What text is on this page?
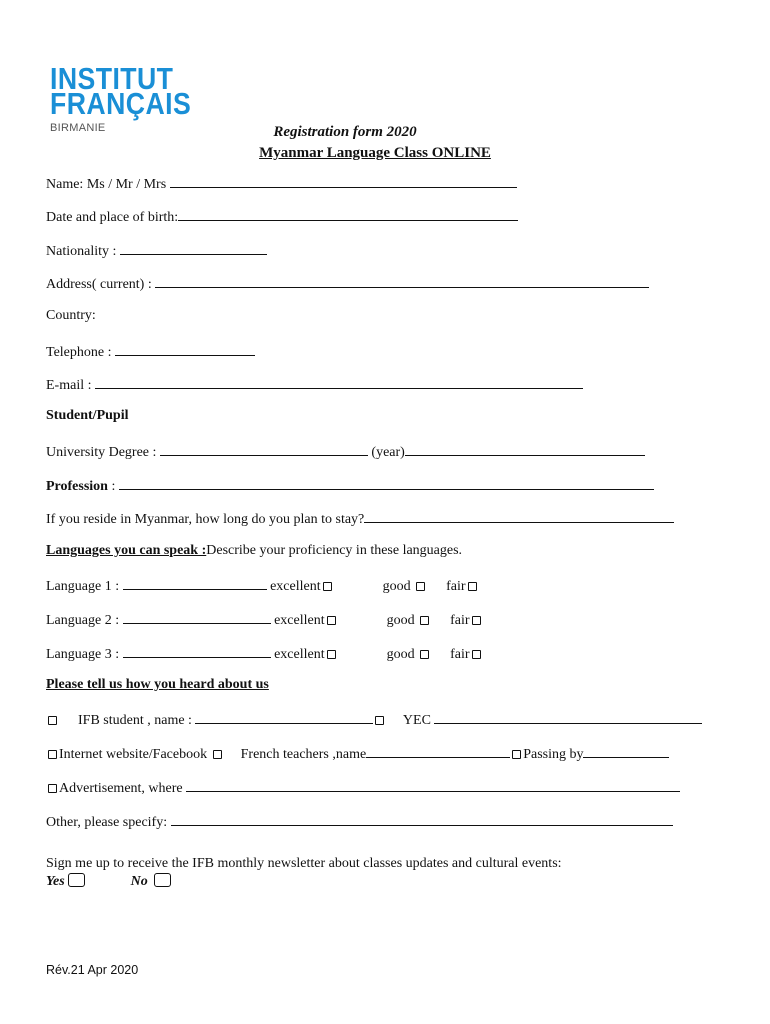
INSTITUT
FRANÇAIS
BIRMANIE	Registration form 2020
Myanmar Language Class ONLINE
Name: Ms / Mr / Mrs
Date and place of birth:
Nationality :
Address( current) :
Country:
Telephone :
E-mail :
Student/Pupil
University Degree :	(year)
Profession :
If you reside in Myanmar, how long do you plan to stay?
Languages you can speak :Describe your proficiency in these languages.
Language 1 :	excellent	good	fair
Language 2 :	excellent	good	fair
Language 3 :	excellent	good	fair
Please tell us how you heard about us
IFB student , name :	YEC
Internet website/Facebook French teachers ,name	Passing by
Advertisement, where
Other, please specify:
Sign me up to receive the IFB monthly newsletter about classes updates and cultural events:
Yes	No
Rév.21 Apr 2020
